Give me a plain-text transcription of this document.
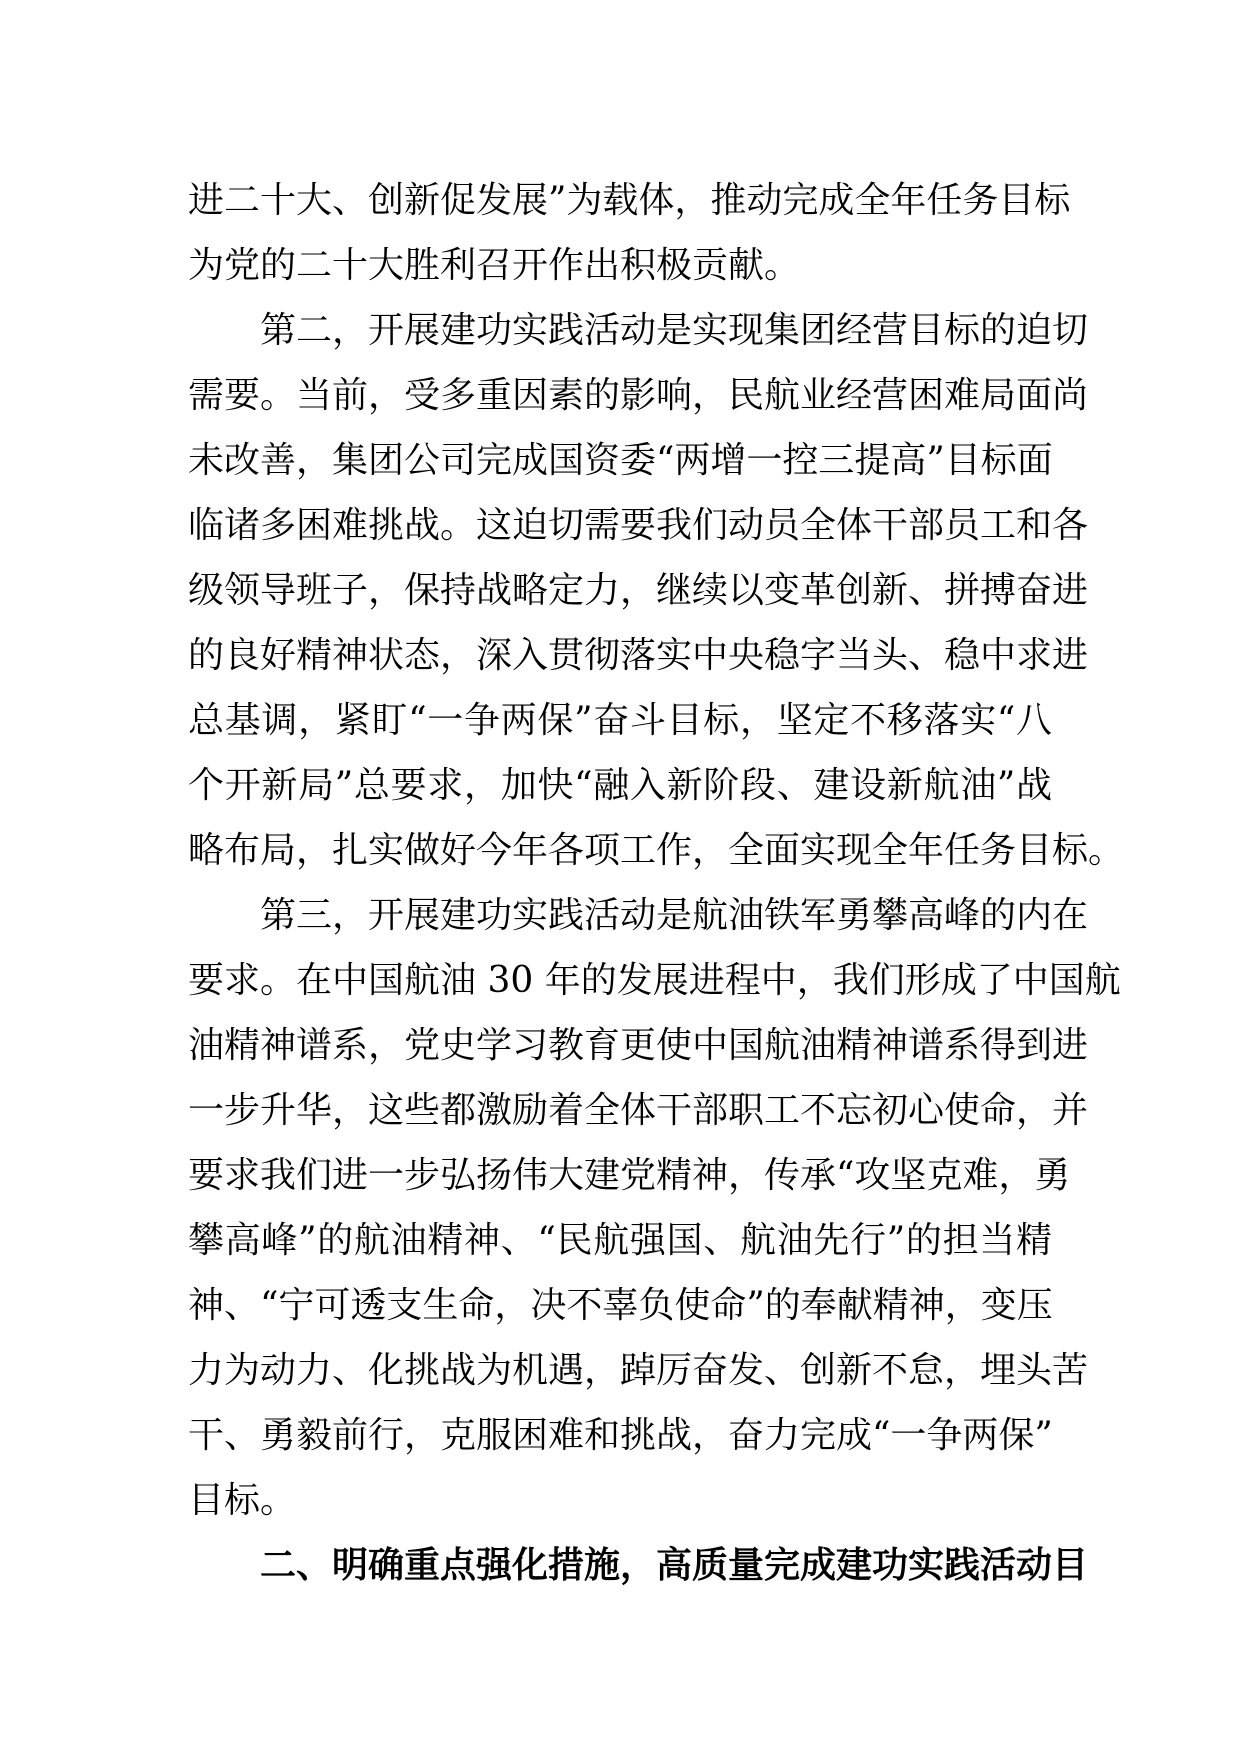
进二十大、创新促发展”为载体，推动完成全年任务目标
为党的二十大胜利召开作出积极贡献。
第二，开展建功实践活动是实现集团经营目标的迫切
需要。当前，受多重因素的影响，民航业经营困难局面尚
未改善，集团公司完成国资委“两增一控三提高”目标面
临诸多困难挑战。这迫切需要我们动员全体干部员工和各
级领导班子，保持战略定力，继续以变革创新、拼搏奋进
的良好精神状态，深入贯彻落实中央稳字当头、稳中求进
总基调，紧盯“一争两保”奋斗目标，坚定不移落实“八
个开新局”总要求，加快“融入新阶段、建设新航油”战
略布局，扎实做好今年各项工作，全面实现全年任务目标。
第三，开展建功实践活动是航油铁军勇攀高峰的内在
要求。在中国航油 30 年的发展进程中，我们形成了中国航
油精神谱系，党史学习教育更使中国航油精神谱系得到进
一步升华，这些都激励着全体干部职工不忘初心使命，并
要求我们进一步弘扬伟大建党精神，传承“攻坚克难，勇
攀高峰”的航油精神、“民航强国、航油先行”的担当精
神、“宁可透支生命，决不辜负使命”的奉献精神，变压
力为动力、化挑战为机遇，踔厉奋发、创新不怠，埋头苦
干、勇毅前行，克服困难和挑战，奋力完成“一争两保”
目标。
二、明确重点强化措施，高质量完成建功实践活动目
